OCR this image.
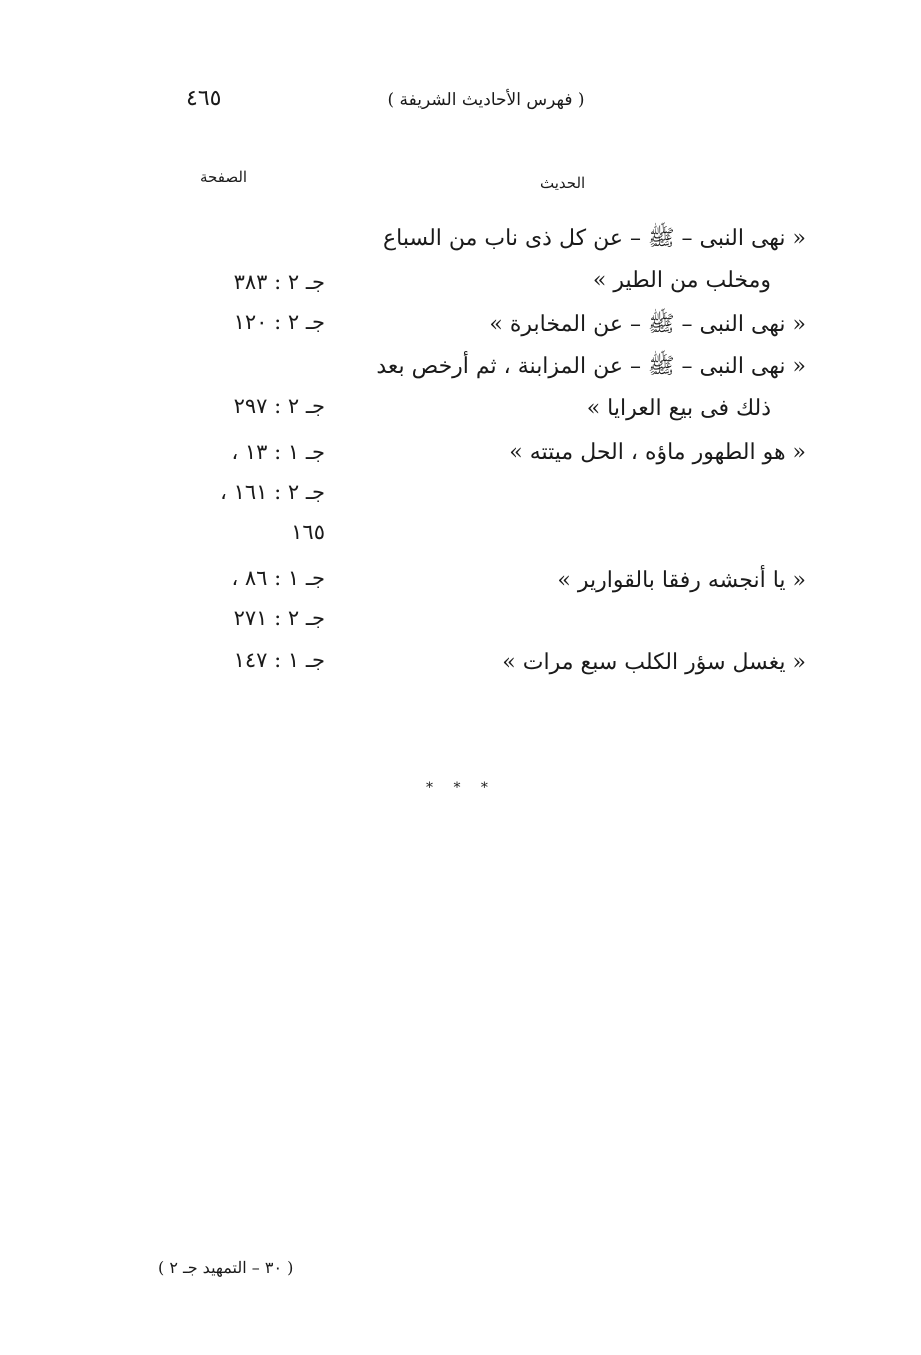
٤٦٥	( فهرس الأحاديث الشريفة )
الصفحة	الحديث
« نهى النبى – ﷺ – عن كل ذى ناب من السباع
ومخلب من الطير »
« نهى النبى – ﷺ – عن المخابرة »
« نهى النبى – ﷺ – عن المزابنة ، ثم أرخص بعد
ذلك فى بيع العرايا »
« هو الطهور ماؤه ، الحل ميتته »
« يا أنجشه رفقا بالقوارير »
« يغسل سؤر الكلب سبع مرات »
جـ ٢ : ٣٨٣
جـ ٢ : ١٢٠
جـ ٢ : ٢٩٧
جـ ١ : ١٣ ،
جـ ٢ : ١٦١ ،
١٦٥
جـ ١ : ٨٦ ،
جـ ٢ : ٢٧١
جـ ١ : ١٤٧
* * *
( ٣٠ – التمهيد جـ ٢ )
